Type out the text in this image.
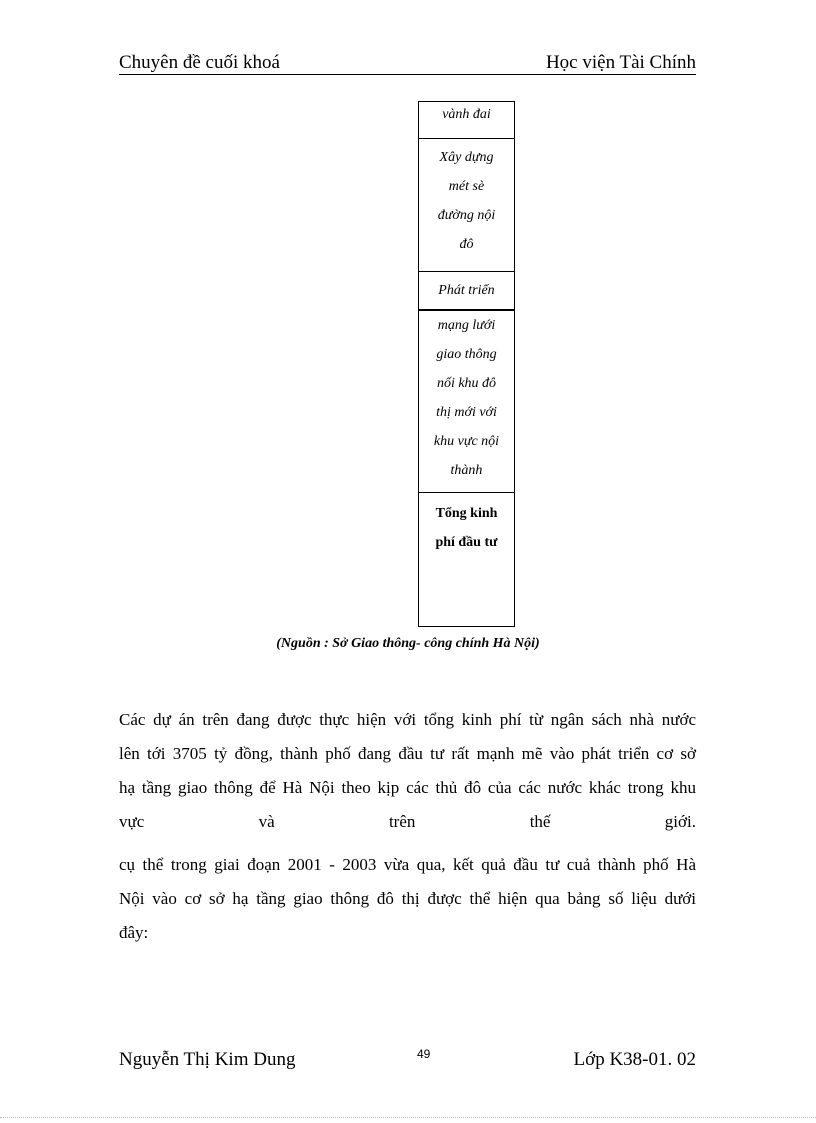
Chuyên đề cuối khoá	Học viện Tài Chính
vành đai
Xây dựng
mét sè
đường nội
đô
Phát triển
mạng lưới
giao thông
nối khu đô
thị mới với
khu vực nội
thành
Tổng kinh
phí đầu tư
(Nguồn : Sở Giao thông- công chính Hà Nội)
Các dự án trên đang được thực hiện với tổng kinh phí từ ngân sách nhà nước
lên tới 3705 tỷ đồng, thành phố đang đầu tư rất mạnh mẽ vào phát triển cơ sở
hạ tầng giao thông để Hà Nội theo kịp các thủ đô của các nước khác trong khu
vực và trên thế giới.
cụ thể trong giai đoạn 2001 - 2003 vừa qua, kết quả đầu tư cuả thành phố Hà
Nội vào cơ sở hạ tầng giao thông đô thị được thể hiện qua bảng số liệu dưới
đây:
Nguyễn Thị Kim Dung	49	Lớp K38-01. 02
